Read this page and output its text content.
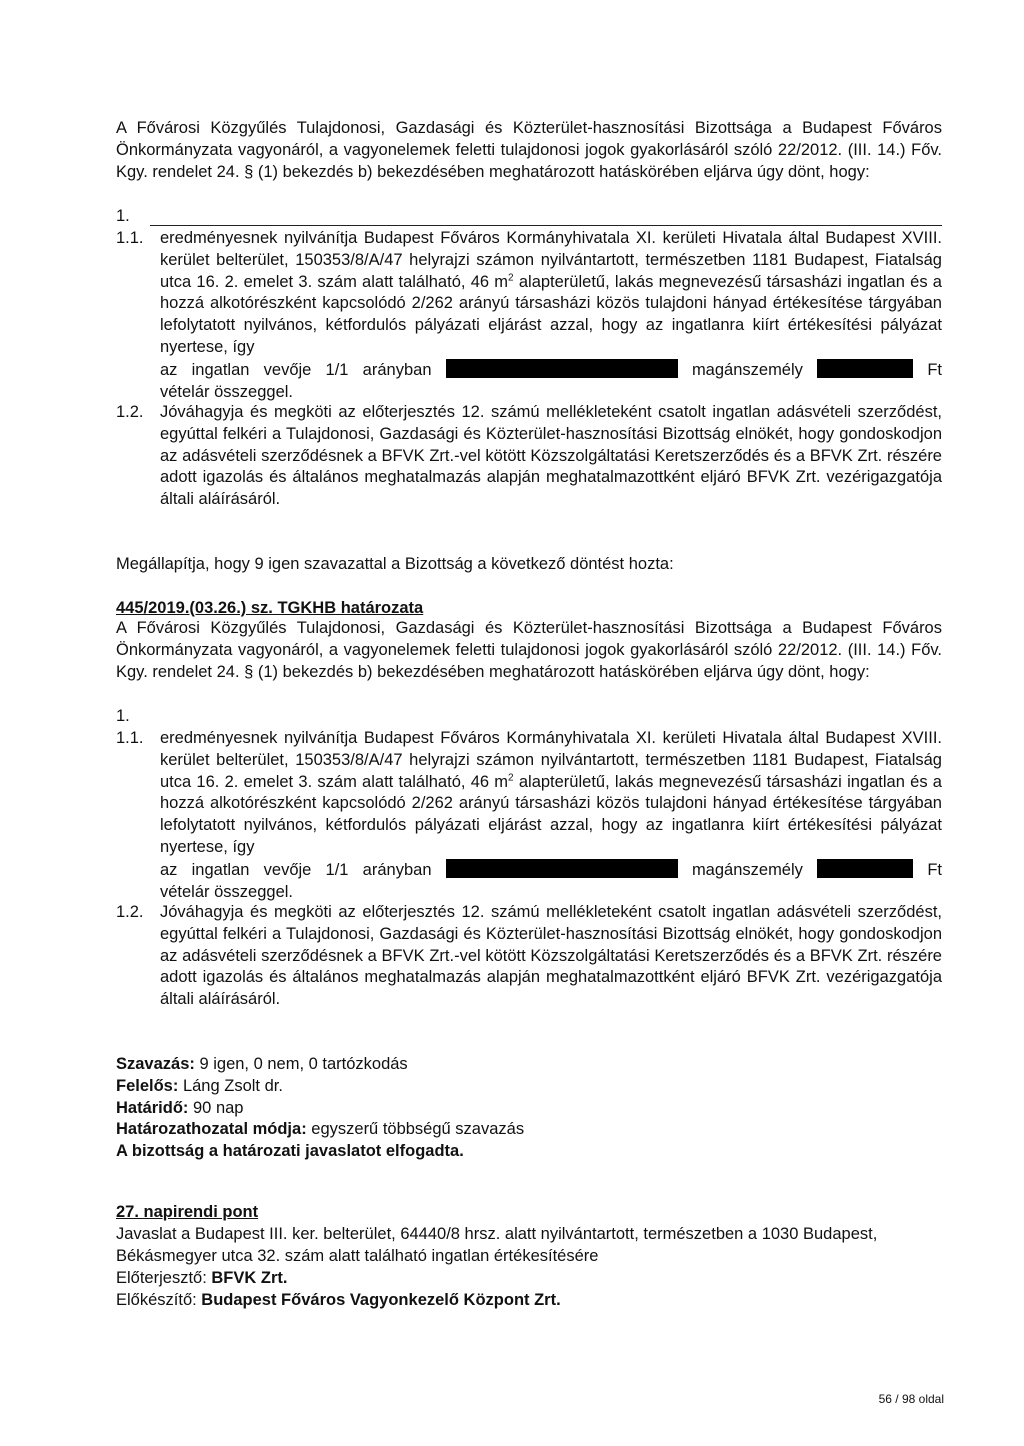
A Fővárosi Közgyűlés Tulajdonosi, Gazdasági és Közterület-hasznosítási Bizottsága a Budapest Főváros Önkormányzata vagyonáról, a vagyonelemek feletti tulajdonosi jogok gyakorlásáról szóló 22/2012. (III. 14.) Főv. Kgy. rendelet 24. § (1) bekezdés b) bekezdésében meghatározott hatáskörében eljárva úgy dönt, hogy:
1.
1.1. eredményesnek nyilvánítja Budapest Főváros Kormányhivatala XI. kerületi Hivatala által Budapest XVIII. kerület belterület, 150353/8/A/47 helyrajzi számon nyilvántartott, természetben 1181 Budapest, Fiatalság utca 16. 2. emelet 3. szám alatt található, 46 $m^2$ alapterületű, lakás megnevezésű társasházi ingatlan és a hozzá alkotórészként kapcsolódó 2/262 arányú társasházi közös tulajdoni hányad értékesítése tárgyában lefolytatott nyilvános, kétfordulós pályázati eljárást azzal, hogy az ingatlanra kiírt értékesítési pályázat nyertese, így
az ingatlan vevője 1/1 arányban	magánszemély	Ft
vételár összeggel.
1.2. Jóváhagyja és megköti az előterjesztés 12. számú mellékleteként csatolt ingatlan adásvételi szerződést, egyúttal felkéri a Tulajdonosi, Gazdasági és Közterület-hasznosítási Bizottság elnökét, hogy gondoskodjon az adásvételi szerződésnek a BFVK Zrt.-vel kötött Közszolgáltatási Keretszerződés és a BFVK Zrt. részére adott igazolás és általános meghatalmazás alapján meghatalmazottként eljáró BFVK Zrt. vezérigazgatója általi aláírásáról.
Megállapítja, hogy 9 igen szavazattal a Bizottság a következő döntést hozta:
445/2019.(03.26.) sz. TGKHB határozata
A Fővárosi Közgyűlés Tulajdonosi, Gazdasági és Közterület-hasznosítási Bizottsága a Budapest Főváros Önkormányzata vagyonáról, a vagyonelemek feletti tulajdonosi jogok gyakorlásáról szóló 22/2012. (III. 14.) Főv. Kgy. rendelet 24. § (1) bekezdés b) bekezdésében meghatározott hatáskörében eljárva úgy dönt, hogy:
1.
1.1. eredményesnek nyilvánítja Budapest Főváros Kormányhivatala XI. kerületi Hivatala által Budapest XVIII. kerület belterület, 150353/8/A/47 helyrajzi számon nyilvántartott, természetben 1181 Budapest, Fiatalság utca 16. 2. emelet 3. szám alatt található, 46 $m^2$ alapterületű, lakás megnevezésű társasházi ingatlan és a hozzá alkotórészként kapcsolódó 2/262 arányú társasházi közös tulajdoni hányad értékesítése tárgyában lefolytatott nyilvános, kétfordulós pályázati eljárást azzal, hogy az ingatlanra kiírt értékesítési pályázat nyertese, így
az ingatlan vevője 1/1 arányban	magánszemély	Ft
vételár összeggel.
1.2. Jóváhagyja és megköti az előterjesztés 12. számú mellékleteként csatolt ingatlan adásvételi szerződést, egyúttal felkéri a Tulajdonosi, Gazdasági és Közterület-hasznosítási Bizottság elnökét, hogy gondoskodjon az adásvételi szerződésnek a BFVK Zrt.-vel kötött Közszolgáltatási Keretszerződés és a BFVK Zrt. részére adott igazolás és általános meghatalmazás alapján meghatalmazottként eljáró BFVK Zrt. vezérigazgatója általi aláírásáról.
Szavazás: 9 igen, 0 nem, 0 tartózkodás
Felelős: Láng Zsolt dr.
Határidő: 90 nap
Határozathozatal módja: egyszerű többségű szavazás
A bizottság a határozati javaslatot elfogadta.
27. napirendi pont
Javaslat a Budapest III. ker. belterület, 64440/8 hrsz. alatt nyilvántartott, természetben a 1030 Budapest, Békásmegyer utca 32. szám alatt található ingatlan értékesítésére
Előterjesztő: BFVK Zrt.
Előkészítő: Budapest Főváros Vagyonkezelő Központ Zrt.
56 / 98 oldal
